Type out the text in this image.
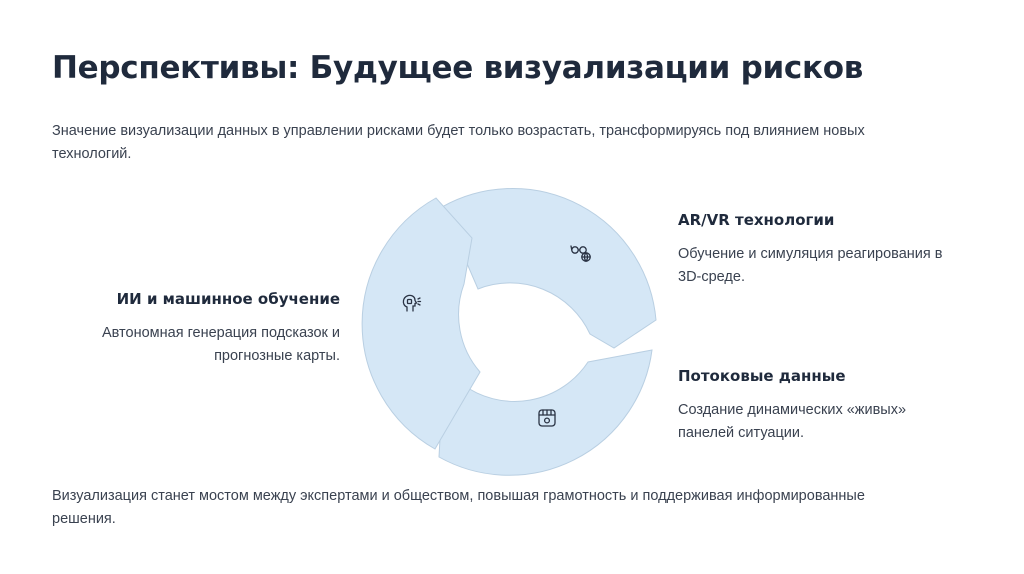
Перспективы: Будущее визуализации рисков

Значение визуализации данных в управлении рисками будет только возрастать, трансформируясь под влиянием новых технологий.

AR/VR технологии

Обучение и симуляция реагирования в 3D-среде.

Потоковые данные

Создание динамических «живых» панелей ситуации.

ИИ и машинное обучение

Автономная генерация подсказок и прогнозные карты.

Визуализация станет мостом между экспертами и обществом, повышая грамотность и поддерживая информированные решения.
